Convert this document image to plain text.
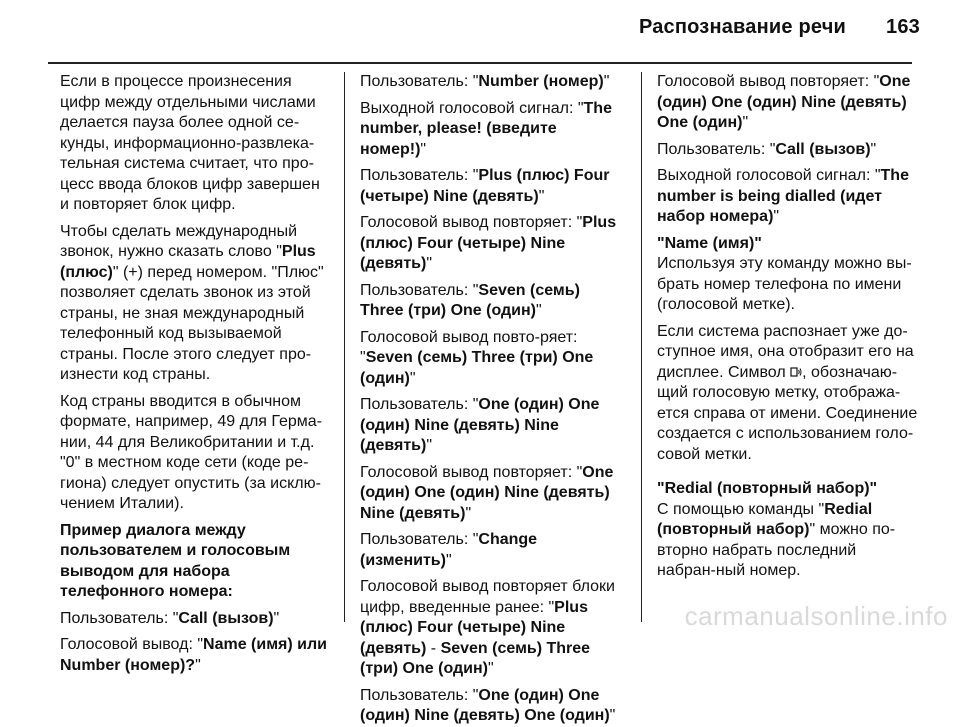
Распознавание речи 163

Если в процессе произнесения цифр между отдельными числами делается пауза более одной се-кунды, информационно-развлека-тельная система считает, что про-цесс ввода блоков цифр завершен и повторяет блок цифр.

Чтобы сделать международный звонок, нужно сказать слово "Plus (плюс)" (+) перед номером. "Плюс" позволяет сделать звонок из этой страны, не зная международный телефонный код вызываемой страны. После этого следует про-изнести код страны.

Код страны вводится в обычном формате, например, 49 для Герма-нии, 44 для Великобритании и т.д. "0" в местном коде сети (коде ре-гиона) следует опустить (за исклю-чением Италии).

Пример диалога между пользователем и голосовым выводом для набора телефонного номера:

Пользователь: "Call (вызов)"

Голосовой вывод: "Name (имя) или Number (номер)?"

Пользователь: "Number (номер)"

Выходной голосовой сигнал: "The number, please! (введите номер!)"

Пользователь: "Plus (плюс) Four (четыре) Nine (девять)"

Голосовой вывод повторяет: "Plus (плюс) Four (четыре) Nine (девять)"

Пользователь: "Seven (семь) Three (три) One (один)"

Голосовой вывод повто-ряет: "Seven (семь) Three (три) One (один)"

Пользователь: "One (один) One (один) Nine (девять) Nine (девять)"

Голосовой вывод повторяет: "One (один) One (один) Nine (девять) Nine (девять)"

Пользователь: "Change (изменить)"

Голосовой вывод повторяет блоки цифр, введенные ранее: "Plus (плюс) Four (четыре) Nine (девять) - Seven (семь) Three (три) One (один)"

Пользователь: "One (один) One (один) Nine (девять) One (один)"

Голосовой вывод повторяет: "One (один) One (один) Nine (девять) One (один)"

Пользователь: "Call (вызов)"

Выходной голосовой сигнал: "The number is being dialled (идет набор номера)"

"Name (имя)"

Используя эту команду можно вы-брать номер телефона по имени (голосовой метке).

Если система распознает уже до-ступное имя, она отобразит его на дисплее. Символ , обозначаю-щий голосовую метку, отобража-ется справа от имени. Соединение создается с использованием голо-совой метки.

"Redial (повторный набор)"

С помощью команды "Redial (повторный набор)" можно по-вторно набрать последний набран-ный номер.

carmanualsonline.info
